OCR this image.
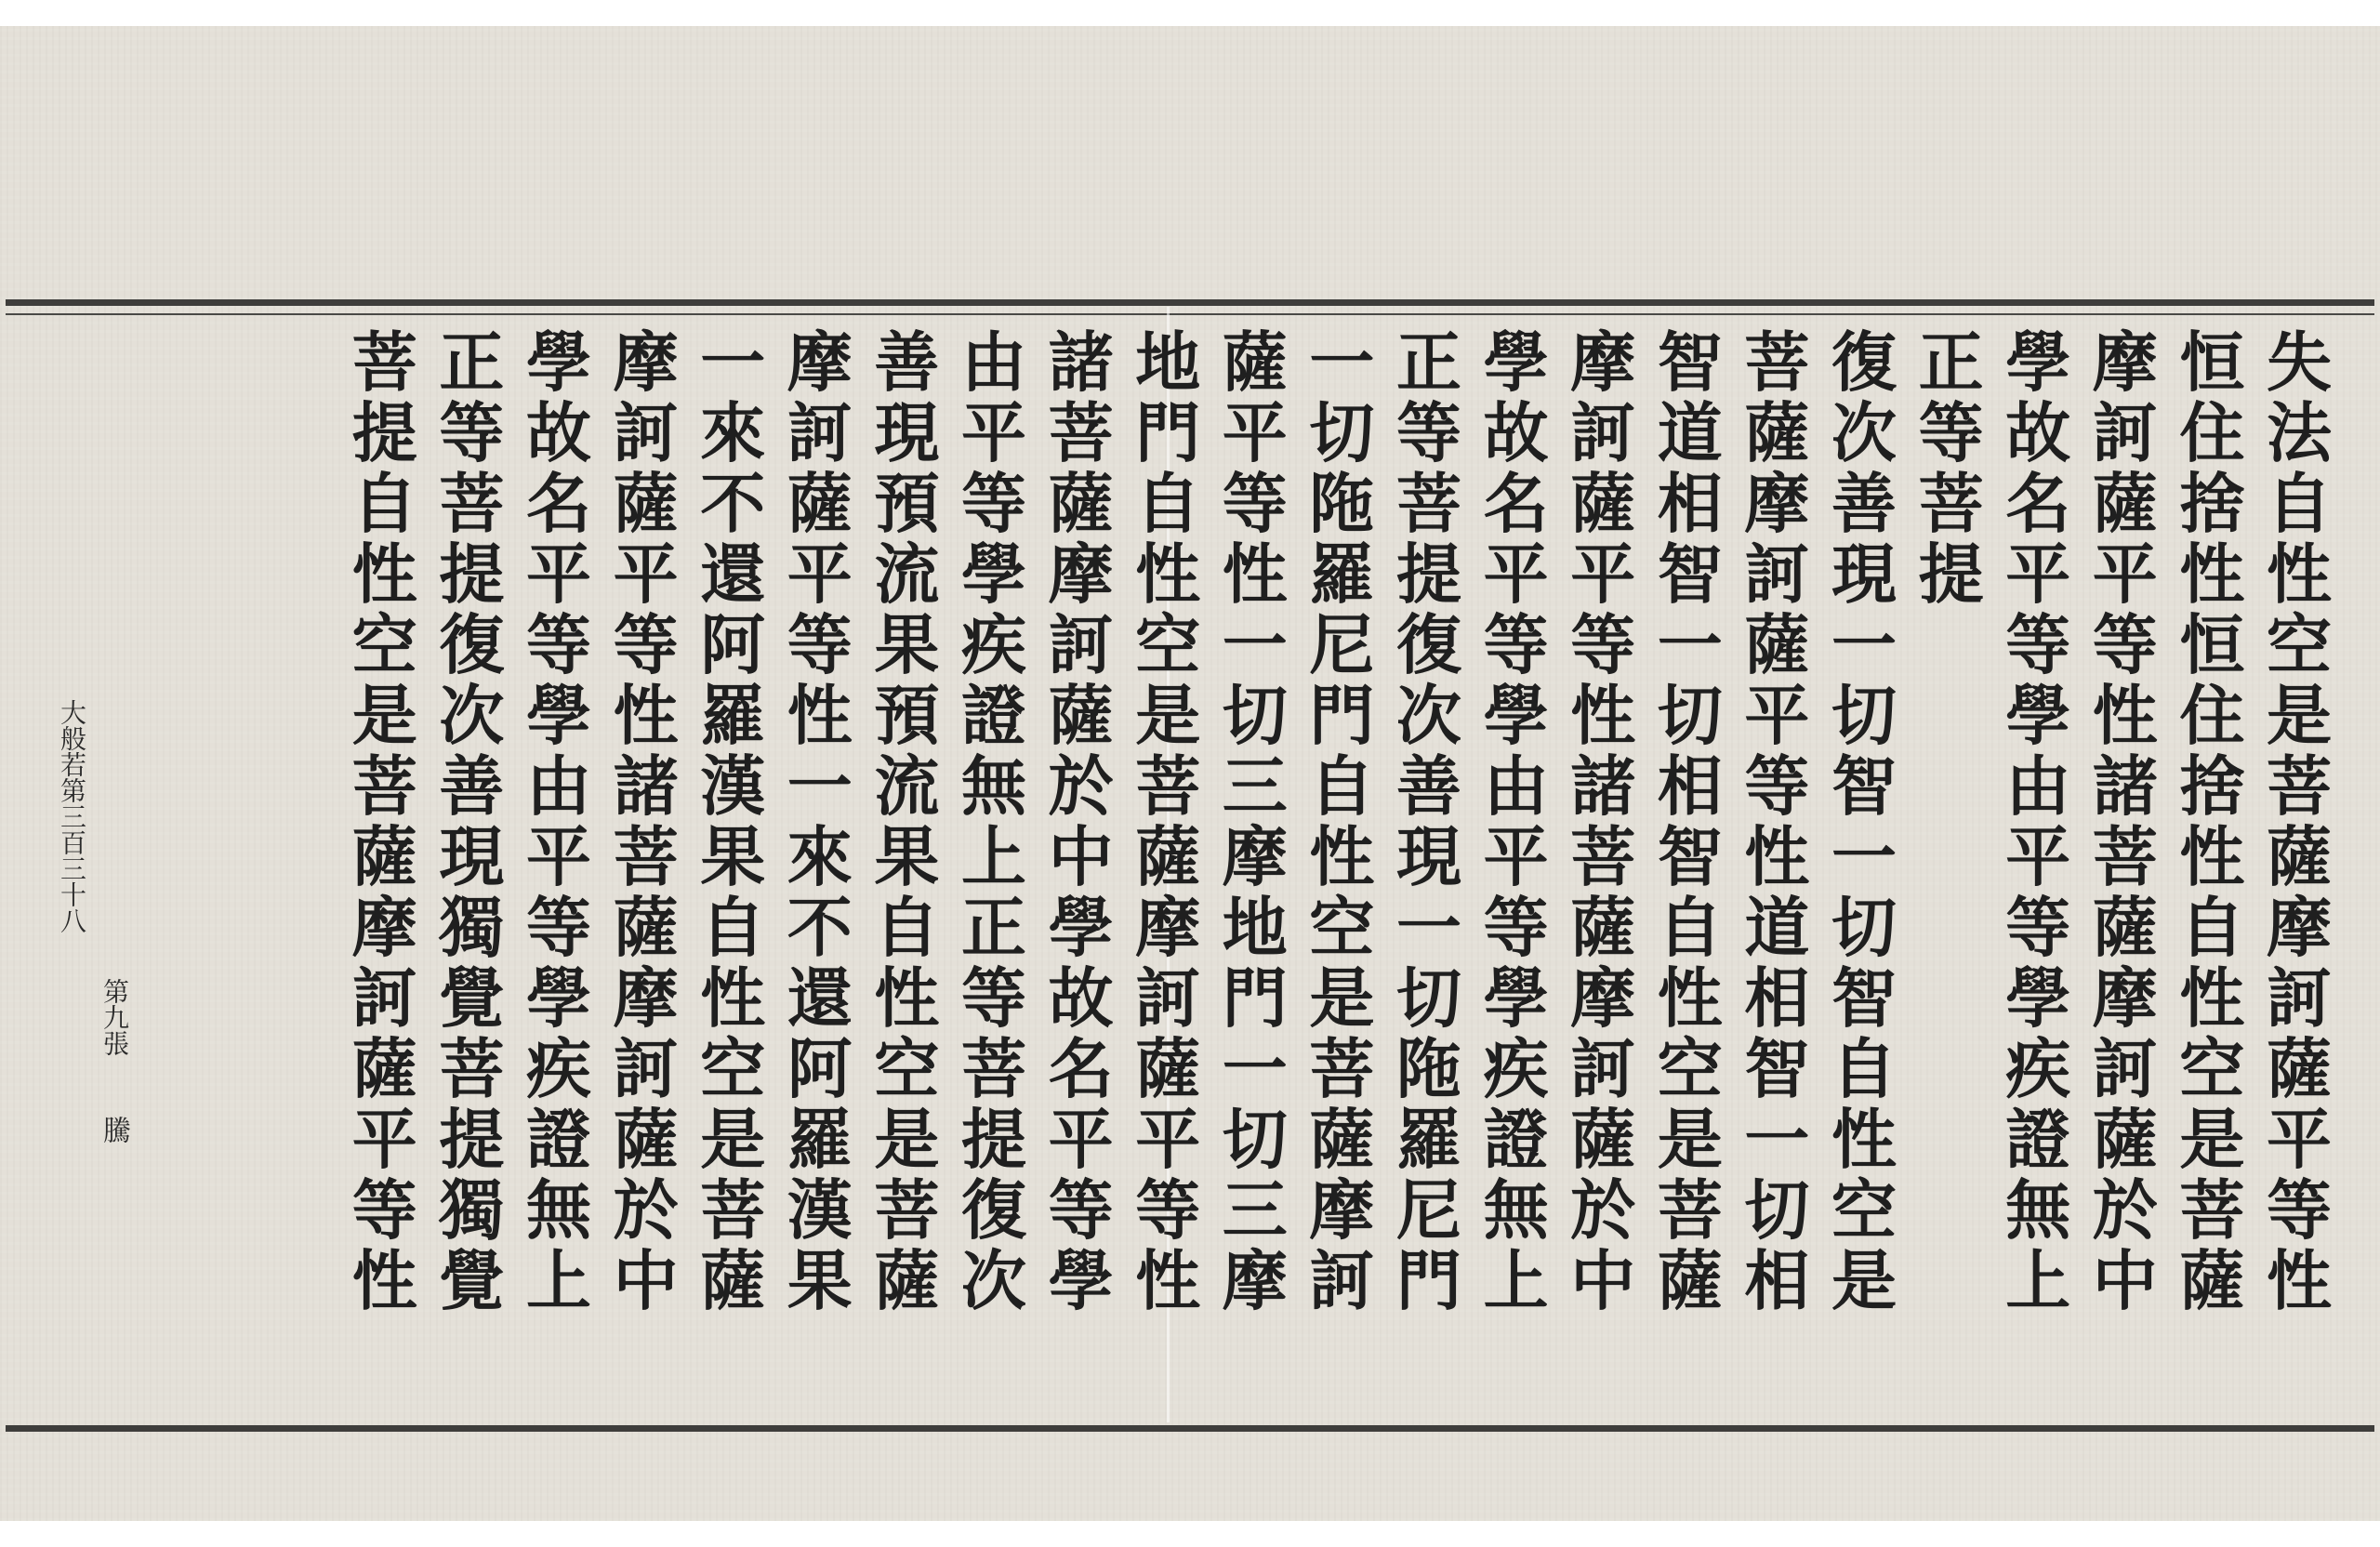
失
法
自
性
空
是
菩
薩
摩
訶
薩
平
等
性
恒
住
捨
性
恒
住
捨
性
自
性
空
是
菩
薩
摩
訶
薩
平
等
性
諸
菩
薩
摩
訶
薩
於
中
學
故
名
平
等
學
由
平
等
學
疾
證
無
上
正
等
菩
提
復
次
善
現
一
切
智
一
切
智
自
性
空
是
菩
薩
摩
訶
薩
平
等
性
道
相
智
一
切
相
智
道
相
智
一
切
相
智
自
性
空
是
菩
薩
摩
訶
薩
平
等
性
諸
菩
薩
摩
訶
薩
於
中
學
故
名
平
等
學
由
平
等
學
疾
證
無
上
正
等
菩
提
復
次
善
現
一
切
陁
羅
尼
門
一
切
陁
羅
尼
門
自
性
空
是
菩
薩
摩
訶
薩
平
等
性
一
切
三
摩
地
門
一
切
三
摩
地
門
自
性
空
是
菩
薩
摩
訶
薩
平
等
性
諸
菩
薩
摩
訶
薩
於
中
學
故
名
平
等
學
由
平
等
學
疾
證
無
上
正
等
菩
提
復
次
善
現
預
流
果
預
流
果
自
性
空
是
菩
薩
摩
訶
薩
平
等
性
一
來
不
還
阿
羅
漢
果
一
來
不
還
阿
羅
漢
果
自
性
空
是
菩
薩
摩
訶
薩
平
等
性
諸
菩
薩
摩
訶
薩
於
中
學
故
名
平
等
學
由
平
等
學
疾
證
無
上
正
等
菩
提
復
次
善
現
獨
覺
菩
提
獨
覺
菩
提
自
性
空
是
菩
薩
摩
訶
薩
平
等
性
大般若第三百三十八
第九張
騰
